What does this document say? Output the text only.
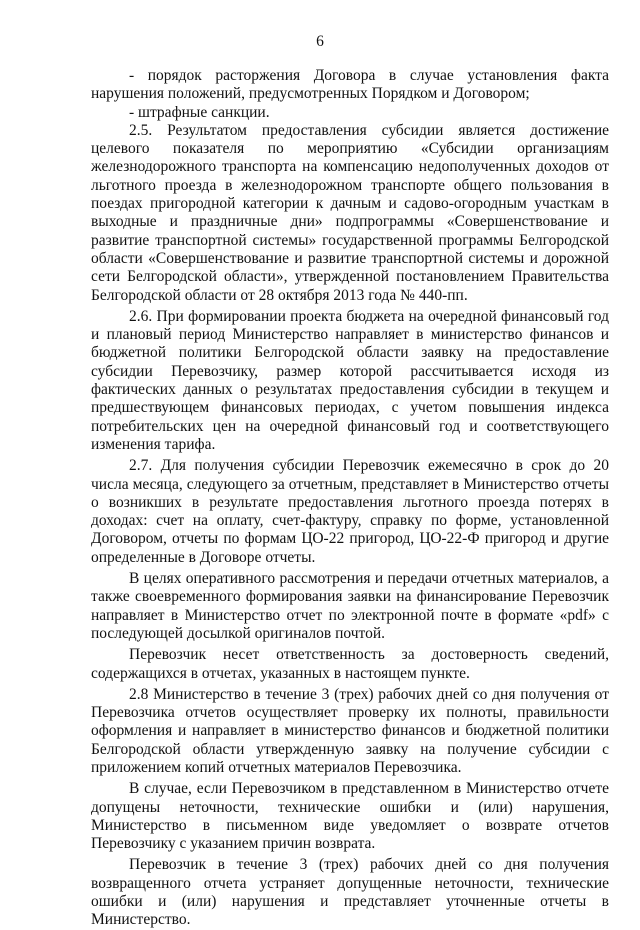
6

- порядок расторжения Договора в случае установления факта нарушения положений, предусмотренных Порядком и Договором;

- штрафные санкции.

2.5. Результатом предоставления субсидии является достижение целевого показателя по мероприятию «Субсидии организациям железнодорожного транспорта на компенсацию недополученных доходов от льготного проезда в железнодорожном транспорте общего пользования в поездах пригородной категории к дачным и садово-огородным участкам в выходные и праздничные дни» подпрограммы «Совершенствование и развитие транспортной системы» государственной программы Белгородской области «Совершенствование и развитие транспортной системы и дорожной сети Белгородской области», утвержденной постановлением Правительства Белгородской области от 28 октября 2013 года № 440-пп.

2.6. При формировании проекта бюджета на очередной финансовый год и плановый период Министерство направляет в министерство финансов и бюджетной политики Белгородской области заявку на предоставление субсидии Перевозчику, размер которой рассчитывается исходя из фактических данных о результатах предоставления субсидии в текущем и предшествующем финансовых периодах, с учетом повышения индекса потребительских цен на очередной финансовый год и соответствующего изменения тарифа.

2.7. Для получения субсидии Перевозчик ежемесячно в срок до 20 числа месяца, следующего за отчетным, представляет в Министерство отчеты о возникших в результате предоставления льготного проезда потерях в доходах: счет на оплату, счет-фактуру, справку по форме, установленной Договором, отчеты по формам ЦО-22 пригород, ЦО-22-Ф пригород и другие определенные в Договоре отчеты.

В целях оперативного рассмотрения и передачи отчетных материалов, а также своевременного формирования заявки на финансирование Перевозчик направляет в Министерство отчет по электронной почте в формате «pdf» с последующей досылкой оригиналов почтой.

Перевозчик несет ответственность за достоверность сведений, содержащихся в отчетах, указанных в настоящем пункте.

2.8 Министерство в течение 3 (трех) рабочих дней со дня получения от Перевозчика отчетов осуществляет проверку их полноты, правильности оформления и направляет в министерство финансов и бюджетной политики Белгородской области утвержденную заявку на получение субсидии с приложением копий отчетных материалов Перевозчика.

В случае, если Перевозчиком в представленном в Министерство отчете допущены неточности, технические ошибки и (или) нарушения, Министерство в письменном виде уведомляет о возврате отчетов Перевозчику с указанием причин возврата.

Перевозчик в течение 3 (трех) рабочих дней со дня получения возвращенного отчета устраняет допущенные неточности, технические ошибки и (или) нарушения и представляет уточненные отчеты в Министерство.
